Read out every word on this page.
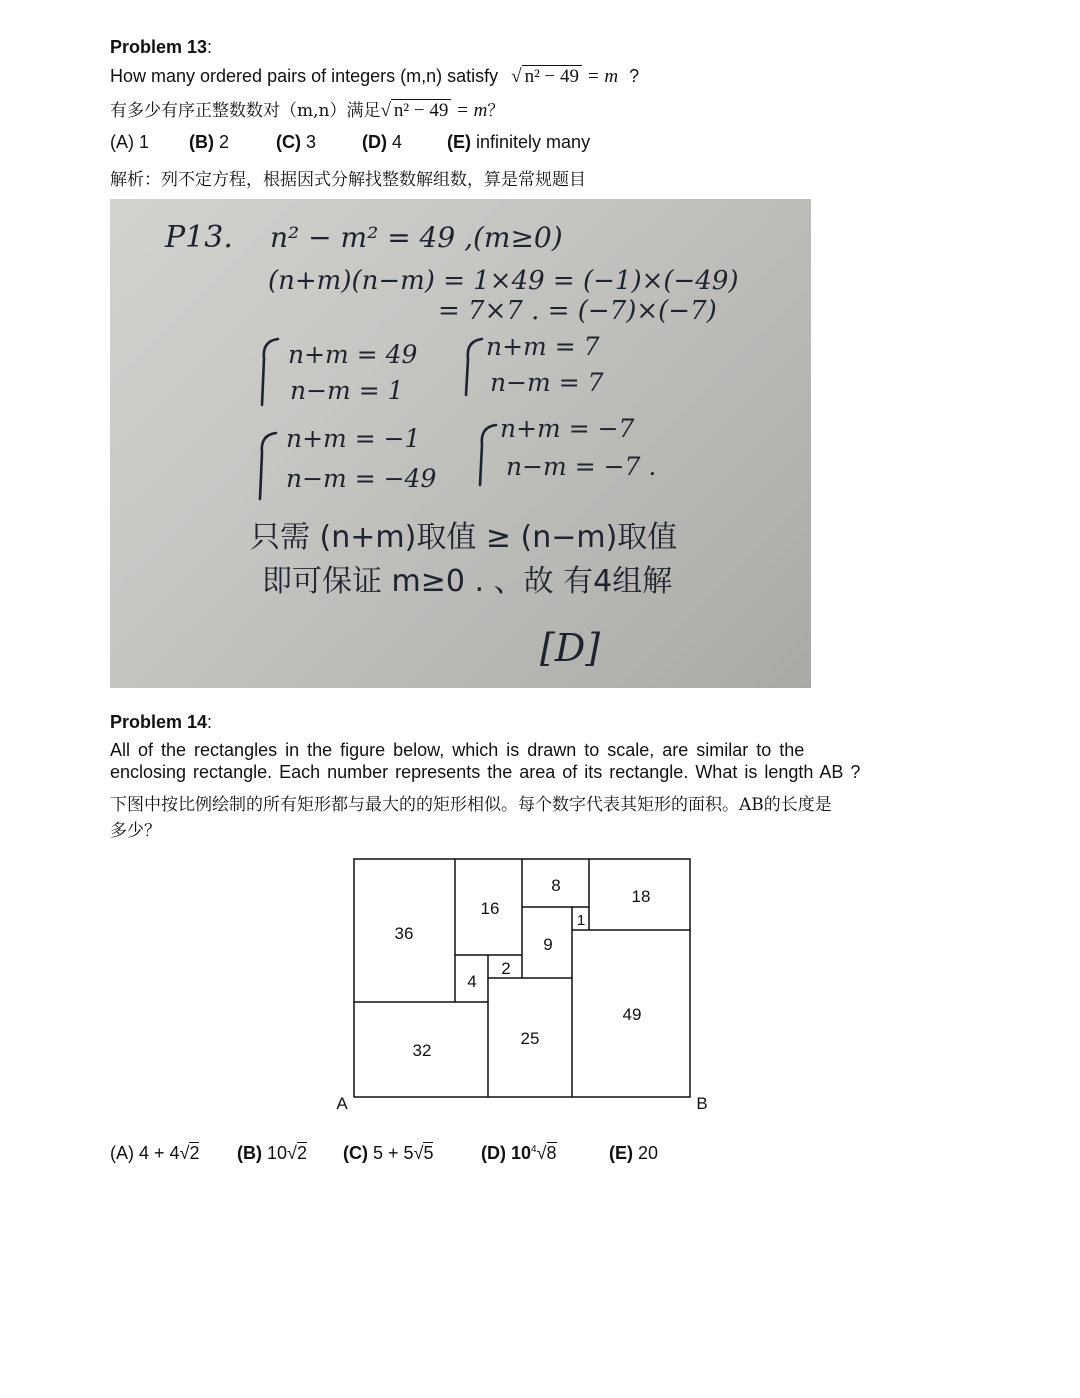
Problem 13:
How many ordered pairs of integers (m,n) satisfy √ n² − 49 = m ?
有多少有序正整数数对（m,n）满足√ n² − 49 = m？
(A) 1 (B) 2	(C) 3	(D) 4 (E) infinitely many
解析：列不定方程，根据因式分解找整数解组数，算是常规题目
P13. n² − m² = 49 ,(m≥0)
(n+m)(n−m) = 1×49 = (−1)×(−49)
= 7×7 . = (−7)×(−7)
n+m = 49
n−m = 1
n+m = 7
n−m = 7
n+m = −1
n−m = −49
n+m = −7
n−m = −7 .
只需 (n+m)取值 ≥ (n−m)取值
即可保证 m≥0 . 、故 有4组解
[D]
Problem 14:
All of the rectangles in the figure below, which is drawn to scale, are similar to the
enclosing rectangle. Each number represents the area of its rectangle. What is length AB ?
下图中按比例绘制的所有矩形都与最大的的矩形相似。每个数字代表其矩形的面积。AB的长度是
多少？
36
16
8
18
1
9
4
2
49
32
25
A	B
(A) 4 + 4√2 (B) 10√2 (C) 5 + 5√5	(D) $10^4√8$	(E) 20
